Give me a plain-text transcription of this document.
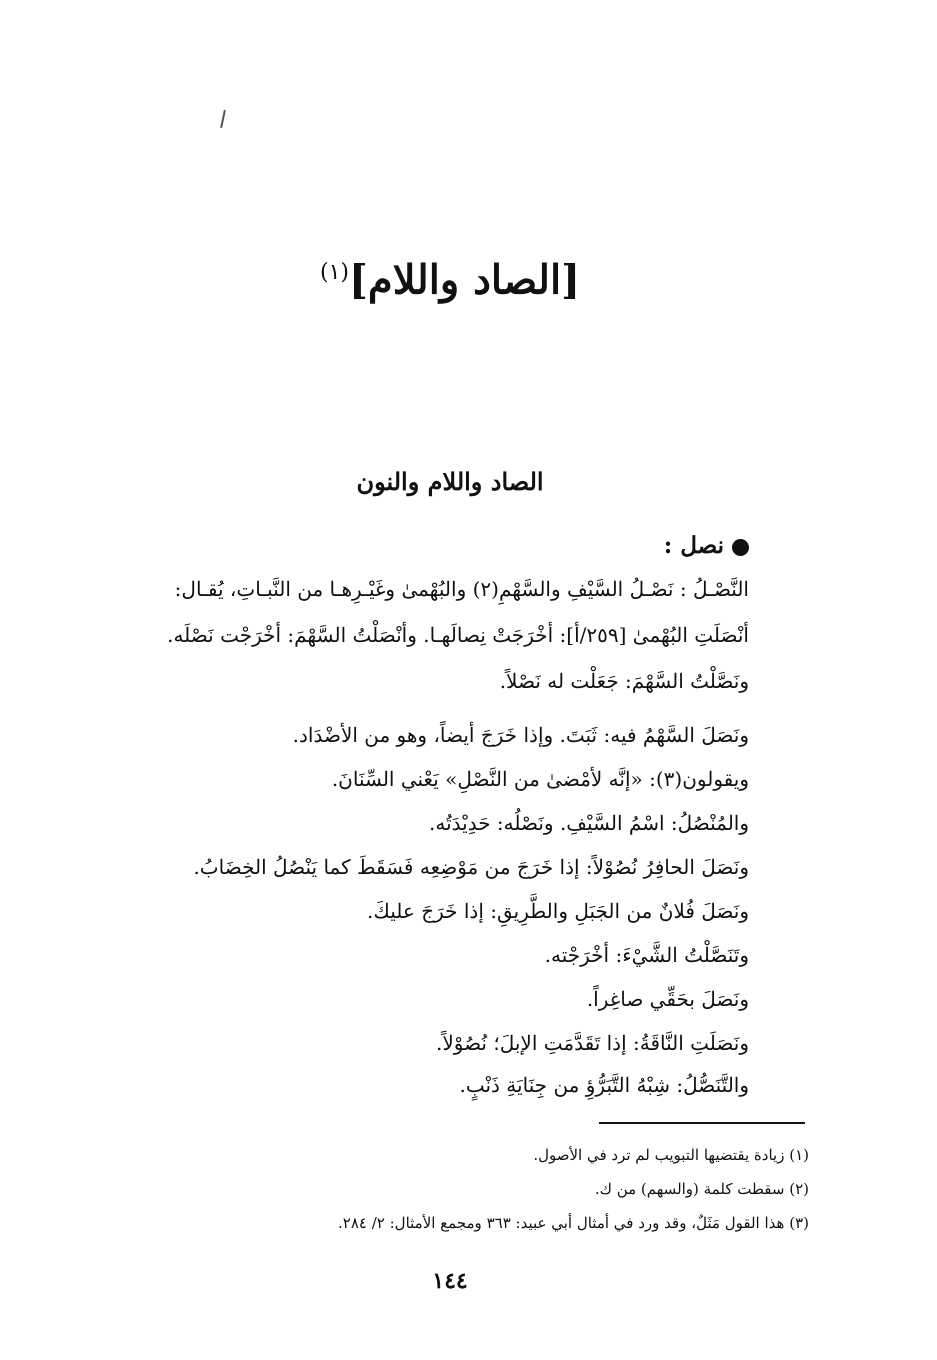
[الصاد واللام]$^{(١)}$
الصاد واللام والنون
نصل :
النَّصْـلُ : نَصْـلُ السَّيْفِ والسَّهْمِ(٢) والبُهْمىٰ وغَيْـرِهـا من النَّبـاتِ، يُقـال:
أنْصَلَتِ البُهْمىٰ [٢٥٩/أ]: أخْرَجَتْ نِصالَهـا. وأنْصَلْتُ السَّهْمَ: أخْرَجْت نَصْلَه.
ونَصَّلْتُ السَّهْمَ: جَعَلْت له نَصْلاً.
ونَصَلَ السَّهْمُ فيه: ثَبَتَ. وإذا خَرَجَ أيضاً، وهو من الأضْدَاد.
ويقولون(٣): «إنَّه لأمْضىٰ من النَّصْلِ» يَعْني السِّنَانَ.
والمُنْصُلُ: اسْمُ السَّيْفِ. ونَصْلُه: حَدِيْدَتُه.
ونَصَلَ الحافِرُ نُصُوْلاً: إذا خَرَجَ من مَوْضِعِه فَسَقَطَ كما يَنْصُلُ الخِضَابُ.
ونَصَلَ فُلانٌ من الجَبَلِ والطَّرِيقِ: إذا خَرَجَ عليكَ.
وتَنَصَّلْتُ الشَّيْءَ: أخْرَجْته.
ونَصَلَ بحَقِّي صاغِراً.
ونَصَلَتِ النَّاقَةُ: إذا تَقَدَّمَتِ الإبلَ؛ نُصُوْلاً.
والتَّنَصُّلُ: شِبْهُ التَّبَرُّؤِ من جِنَايَةِ ذَنْبٍ.
(١) زيادة يقتضيها التبويب لم ترد في الأصول.
(٢) سقطت كلمة (والسهم) من ك.
(٣) هذا القول مَثَلٌ، وقد ورد في أمثال أبي عبيد: ٣٦٣ ومجمع الأمثال: ٢/ ٢٨٤.
١٤٤
